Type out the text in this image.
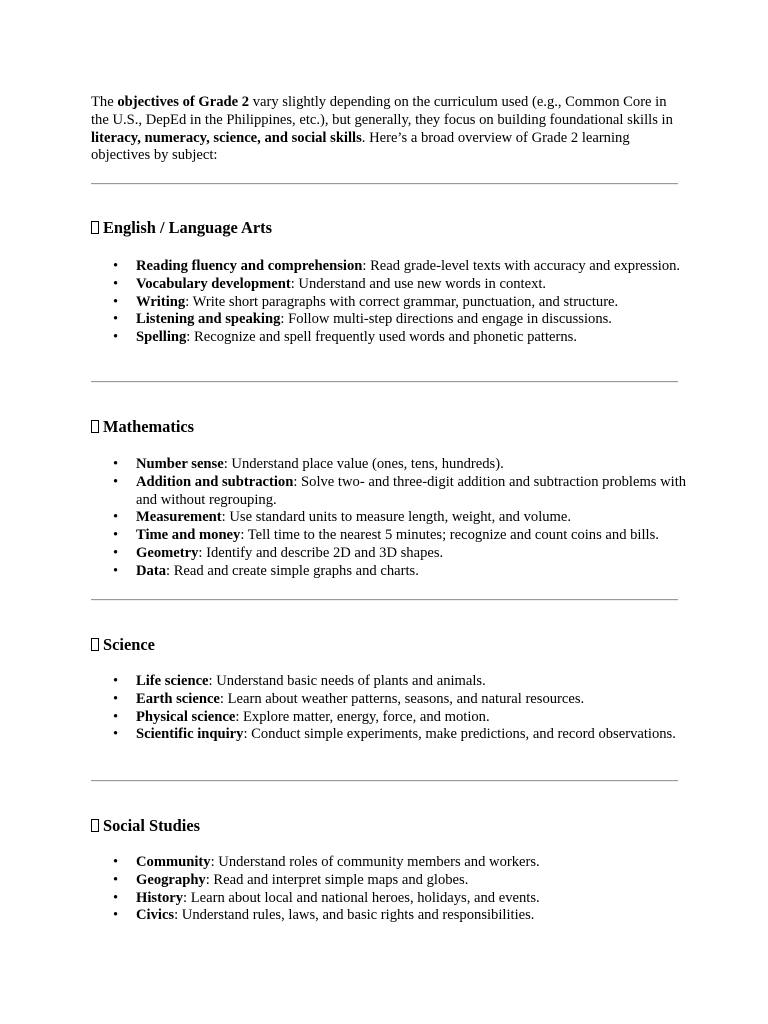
The objectives of Grade 2 vary slightly depending on the curriculum used (e.g., Common Core in the U.S., DepEd in the Philippines, etc.), but generally, they focus on building foundational skills in literacy, numeracy, science, and social skills. Here’s a broad overview of Grade 2 learning objectives by subject:

English / Language Arts
• Reading fluency and comprehension: Read grade-level texts with accuracy and expression.
• Vocabulary development: Understand and use new words in context.
• Writing: Write short paragraphs with correct grammar, punctuation, and structure.
• Listening and speaking: Follow multi-step directions and engage in discussions.
• Spelling: Recognize and spell frequently used words and phonetic patterns.
Mathematics
• Number sense: Understand place value (ones, tens, hundreds).
• Addition and subtraction: Solve two- and three-digit addition and subtraction problems with and without regrouping.
• Measurement: Use standard units to measure length, weight, and volume.
• Time and money: Tell time to the nearest 5 minutes; recognize and count coins and bills.
• Geometry: Identify and describe 2D and 3D shapes.
• Data: Read and create simple graphs and charts.
Science
• Life science: Understand basic needs of plants and animals.
• Earth science: Learn about weather patterns, seasons, and natural resources.
• Physical science: Explore matter, energy, force, and motion.
• Scientific inquiry: Conduct simple experiments, make predictions, and record observations.
Social Studies
• Community: Understand roles of community members and workers.
• Geography: Read and interpret simple maps and globes.
• History: Learn about local and national heroes, holidays, and events.
• Civics: Understand rules, laws, and basic rights and responsibilities.
